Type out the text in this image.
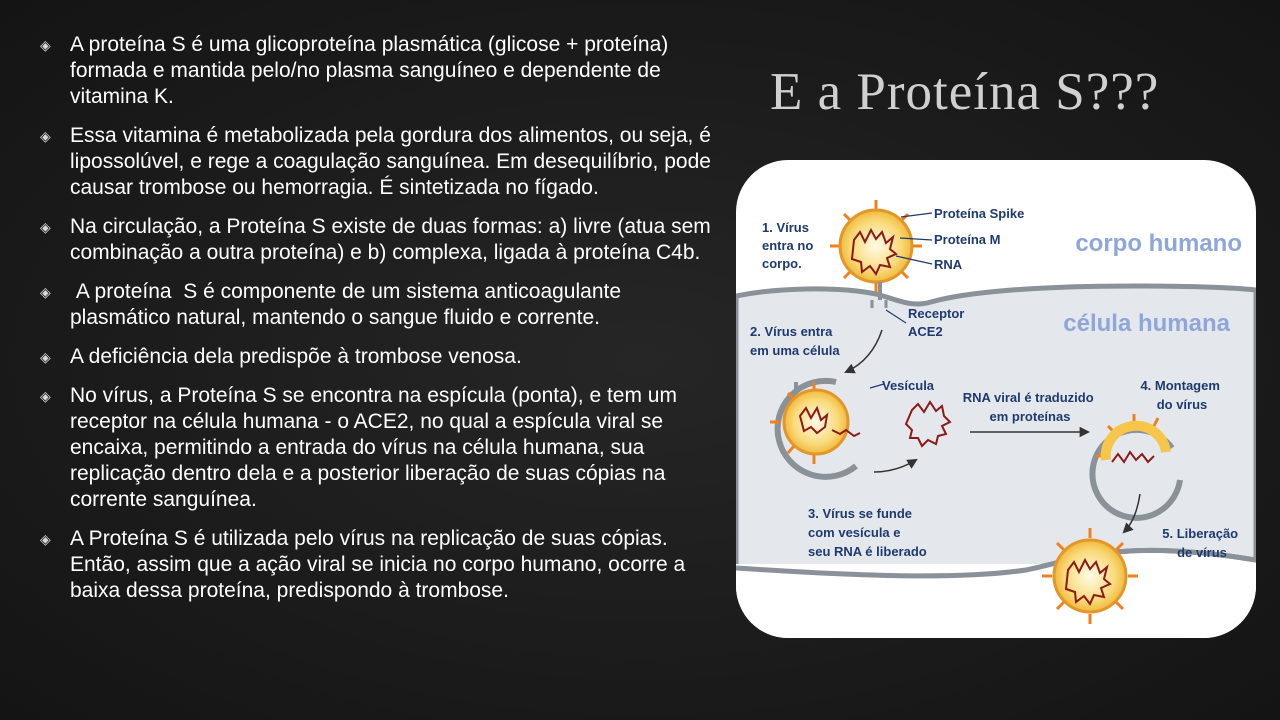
◈ A proteína S é uma glicoproteína plasmática (glicose + proteína) formada e mantida pelo/no plasma sanguíneo e dependente de vitamina K.
◈ Essa vitamina é metabolizada pela gordura dos alimentos, ou seja, é lipossolúvel, e rege a coagulação sanguínea. Em desequilíbrio, pode causar trombose ou hemorragia. É sintetizada no fígado.
◈ Na circulação, a Proteína S existe de duas formas: a) livre (atua sem combinação a outra proteína) e b) complexa, ligada à proteína C4b.
◈ A proteína  S é componente de um sistema anticoagulante plasmático natural, mantendo o sangue fluido e corrente.
◈ A deficiência dela predispõe à trombose venosa.
◈ No vírus, a Proteína S se encontra na espícula (ponta), e tem um receptor na célula humana - o ACE2, no qual a espícula viral se encaixa, permitindo a entrada do vírus na célula humana, sua replicação dentro dela e a posterior liberação de suas cópias na corrente sanguínea.
◈ A Proteína S é utilizada pelo vírus na replicação de suas cópias. Então, assim que a ação viral se inicia no corpo humano, ocorre a baixa dessa proteína, predispondo à trombose.
E a Proteína S???
corpo humano
célula humana
1. Vírus entra no corpo.
Proteína Spike
Proteína M
RNA
Receptor ACE2
2. Vírus entra em uma célula
Vesícula
3. Vírus se funde com vesícula e seu RNA é liberado
RNA viral é traduzido em proteínas
4. Montagem do vírus
5. Liberação de vírus
